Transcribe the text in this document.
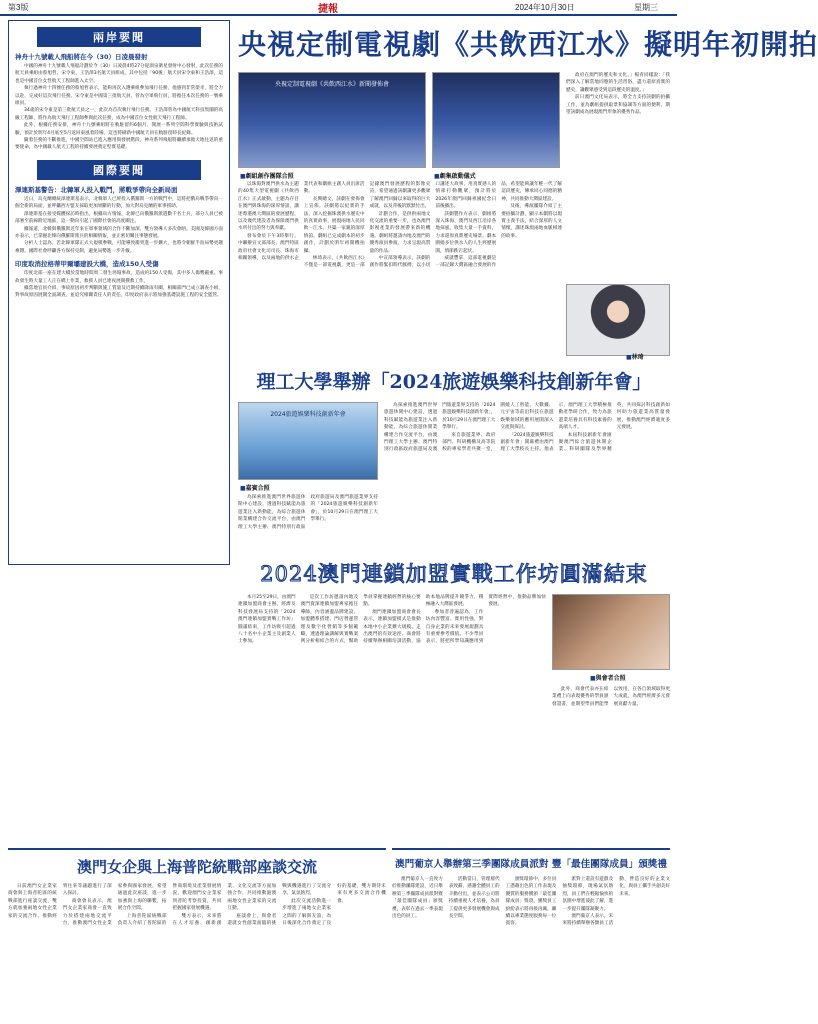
第3版	捷報	2024年10月30日	星期三
兩岸要聞
神舟十九號載人飛船將在今（30）日凌晨發射

中國的神舟十九號載人飛船計劃於今（30）日凌晨4時27分從酒泉衛星發射中心發射，此次任務的航天員乘組由蔡旭哲、宋令東、王浩澤3名航天員組成，其中包括「90後」航天員宋令東和王浩澤，這也是中國首位女性航天工程師進入太空。

執行過神舟十四號任務的蔡旭哲表示，能夠再次入選乘組參加飛行任務，他感到非常榮幸，將全力以赴，完成好這次飛行任務。宋令東是中國第三批航天員，曾為空軍飛行員，將擔任本次任務的一號乘組員。

34歲的宋令東是第三批航天員之一，此次為首次執行飛行任務。王浩澤曾為中國航天科技集團的高級工程師，將作為航天飛行工程師參與此次任務，成為中國首位女性航天飛行工程師。

此外，根據任務安排，神舟十九號乘組將在軌駐留約6個月，開展一系列空間科學實驗與技術試驗，預計於明年4月底至5月返回東風着陸場，這也將刷新中國航天員在軌駐留時長紀錄。

隨着任務的不斷推進，中國空間站已進入應用與發展階段，神舟系列飛船將繼續承擔天地往返的重要使命，為中國載人航天工程的持續發展奠定堅實基礎。

國際要聞
澤連斯基警告：北韓軍人投入戰鬥，將戰爭帶向全新局面

近日，烏克蘭總統澤連斯基表示，北韓軍人已經投入俄羅斯一方的戰鬥中，這將把俄烏戰爭帶向一個全新的局面，並呼籲西方盟友採取更加果斷的行動，加大對烏克蘭的軍事援助。

澤連斯基在接受媒體採訪時指出，根據烏方情報，北韓已向俄羅斯派遣數千名士兵，部分人員已被部署至前線附近地區，這一動向引起了國際社會的高度關注。

據報道，北韓與俄羅斯近年來在軍事領域的合作不斷加深，雙方領導人多次會晤。美國及韓國方面亦表示，已掌握北韓向俄羅斯派兵的相關情報，並正密切關注事態發展。

分析人士認為，若北韓軍隊正式大規模參戰，可能導致衝突進一步擴大，也將令朝鮮半島局勢更趨複雜。國際社會呼籲各方保持克制，避免局勢進一步升級。

印度取消拉格蒂甲爾壩建設大橋，造成150人受傷

印度北部一座在建大橋於當地時間周二發生坍塌事故，造成約150人受傷，其中多人傷勢嚴重。事故發生時大量工人正在橋上作業，救援人員已連夜展開搜救工作。

據當地官員介紹，事故原因初步判斷與施工質量及近期持續降雨有關，相關部門已成立調查小組，對事故原因展開全面調查，並追究相關責任人的責任。印度政府表示將加強基礎設施工程的安全監管。

央視定制電視劇《共飲西江水》擬明年初開拍
央視定制電視劇《共飲西江水》新聞發佈會
■ 劇組創作團隊合照
■	劇集啟動儀式

政府在澳門的歷史和文化。」楊青同樣說：「我們深入了解當地同胞的生活習俗，盡力還原真實的歷史，讓觀眾感受到這段歷史的溫度。」

前日澳門文化局表示，將全力支持該劇的拍攝工作，並為劇組提供取景和協調等方面的便利，期望該劇成為展現澳門形象的優秀作品。

■ 林琦

以珠海對澳門供水為主題的40集大型電視劇《共飲西江水》正式啟動，主題為存目在澳門與珠海的深厚情誼，講述粵港澳大灣區的發展歷程，以及幾代建設者為保障澳門供水所付出的努力與奉獻。

發布會於下午3時舉行，中聯辦宣文部部長、澳門特區政府社會文化司司長、珠海市相關領導，以及兩地的供水企業代表和劇組主創人員出席活動。

長興總文，該劇在發佈會上宣佈，該劇將以紀實的手法，深入挖掘珠澳供水歷史中的真實故事，展現兩地人民同飲一江水、共築一家親的深厚情誼。劇組已完成劇本的初步創作，計劃於明年初開機拍攝。

林琦表示，《共飲西江水》不僅是一部電視劇，更是一部記錄澳門發展歷程的影像史詩，希望通過該劇讓更多觀眾了解澳門回歸以來取得的巨大成就，以及背後的默默付出。

計劃合作，是供供兩地文化交流的重要一步，也為澳門影視產業的發展帶來新的機遇。劇組將邀請內地及澳門的優秀演員參演，力求呈現高質量的作品。

中宣部領導表示，該劇的創作將緊扣時代脈搏，以小切口講述大故事，用真實感人的情節打動觀眾，預計將於2026年澳門回歸祖國紀念日前後播出。

該劇製作方表示，劇組將深入珠海、澳門及西江沿岸各地採風，收集大量一手資料，力求還原真實歷史場景。劇本圍繞多位供水人的人生經歷展開，情節跌宕起伏。

威就豐拿，這部電視劇是一部記錄大灣區融合發展的作品，希望能夠讓年輕一代了解這段歷史，傳承同心同德的精神，共同推動大灣區建設。

及後，導演團隊介紹了主要拍攝計劃，顯示本劇將以現實主義手法，結合深厚的人文情懷，講述珠澳兩地血脈相連的故事。

理工大學舉辦「2024旅遊娛樂科技創新年會」
2024旅遊娛樂科技創新年會
■ 嘉賓合照

為探索推進澳門世界旅遊休閒中心建設，透過科技賦能為旅遊業注入新動能，為綜合旅遊休閒業構建合作交流平台，由澳門理工大學主辦、澳門特別行政區政府旅遊局及澳門旅遊業界支持的「2024旅遊娛樂科技創新年會」，於10月29日在澳門理工大學舉行。

來自旅遊業界、政府部門、科研機構及高等院校的專家學者共聚一堂，圍繞人工智能、大數據、元宇宙等前沿科技在旅遊娛樂領域的應用展開深入交流與探討。

「2024旅遊娛樂科技創新年會」開幕禮由澳門理工大學校長主持。他表示，澳門理工大學積極推動產學研合作，致力為旅遊業培養具有科技素養的高端人才。

本屆科技創新年會匯聚澳門綜合旅遊休閒企業、科研團隊及學界精英，共同探討科技創新如何助力旅遊業高質量發展，推動澳門經濟適度多元發展。

為探索推進澳門世界旅遊休閒中心建設，透過科技賦能為旅遊業注入新動能，為綜合旅遊休閒業構建合作交流平台，由澳門理工大學主辦、澳門特別行政區政府旅遊局及澳門旅遊業界支持的「2024旅遊娛樂科技創新年會」，於10月29日在澳門理工大學舉行。

2024澳門連鎖加盟實戰工作坊圓滿結束

本月25至29日，由澳門連鎖加盟商會主辦、經濟及科技發展局支持的「2024澳門連鎖加盟實戰工作坊」圓滿結束，工作坊吸引超過八十名中小企業主及創業人士參加。

是次工作坊邀請內地及澳門資深連鎖加盟專家擔任導師，內容涵蓋品牌建設、加盟體系搭建、門店營運管理及數字化營銷等多個範疇，透過理論講解與實戰案例分析相結合的方式，幫助學員掌握連鎖經營的核心要點。

澳門連鎖加盟商會會長表示，連鎖加盟模式是推動本地中小企業擴大規模、走出澳門的有效途徑。商會將持續舉辦相關培訓活動，協助本地品牌提升競爭力，積極融入大灣區發展。

參加者普遍認為，工作坊內容豐富、實用性強，對自身企業的未來發展規劃具有重要參考價值。不少學員表示，將把所學知識應用到實際經營中，推動品牌加快發展。

■ 與會者合照

此外，商會代表亦在結業禮上向表現優秀的學員頒發證書，並期望學員們能學以致用，在各自領域取得更大成就，為澳門經濟多元發展貢獻力量。

澳門女企與上海普陀統戰部座談交流

日前澳門女企業家商會與上海普陀區的統戰部進行座談交流，雙方就加強兩地女性企業家的交流合作、推動經貿往來等議題進行了深入探討。

商會會長表示，澳門女企業家商會一直致力於搭建兩地交流平台，推動澳門女性企業家參與國家發展，希望通過此次座談，進一步加強與上海的聯繫，拓展合作空間。

上海普陀區統戰部負責人介紹了普陀區的營商環境及產業發展情況，歡迎澳門女企業家到普陀考察投資，共同把握國家發展機遇。

雙方表示，未來將在人才培養、創新創業、文化交流等方面加強合作，共同推動滬澳兩地女性企業家的交流互動。

座談會上，與會者還就女性創業面臨的挑戰與機遇進行了交流分享，氣氛熱烈。

此次交流活動進一步增進了兩地女企業家之間的了解與友誼，為日後深化合作奠定了良好的基礎，雙方期待未來有更多交流合作機會。

澳門葡京人舉辦第三季團隊成員派對 豐「最佳團隊成員」頒獎禮

澳門葡京人一直致力於推動團隊建設，近日舉辦第三季團隊成員派對暨「最佳團隊成員」頒獎禮，表彰在過去一季表現出色的員工。

活動當日，管理層代表致辭，感謝全體員工的辛勤付出，並表示公司將持續重視人才培養，為員工提供更多發展機會與成長空間。

頒獎環節中，多位員工憑藉出色的工作表現及優質的服務獲頒「最佳團隊成員」獎項，獲獎員工紛紛表示將再接再厲，繼續以專業態度服務每一位賓客。

派對上還設有遊戲及抽獎環節，現場氣氛熱烈，員工們在輕鬆愉快的氛圍中增進彼此了解，進一步提升團隊凝聚力。

澳門葡京人表示，未來將持續舉辦各類員工活動，營造良好的企業文化，與員工攜手共創美好未來。
